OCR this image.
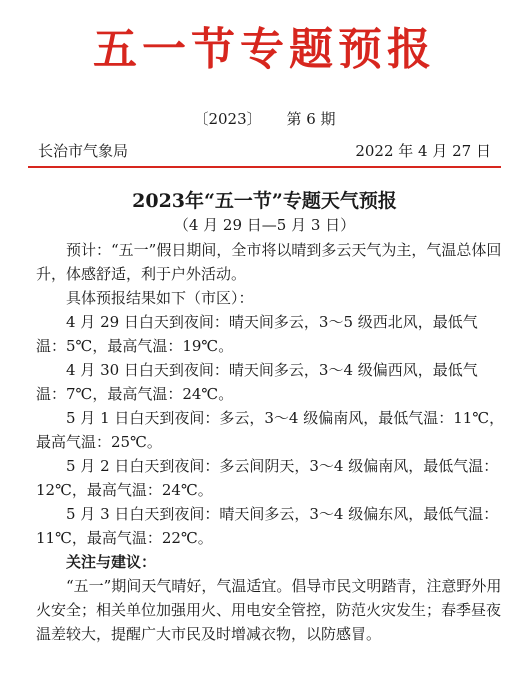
五一节专题预报
〔2023〕 第 6 期
长治市气象局	2022 年 4 月 27 日
2023年“五一节”专题天气预报
（4 月 29 日—5 月 3 日）

预计：“五一”假日期间，全市将以晴到多云天气为主，气温总体回升，体感舒适，利于户外活动。

具体预报结果如下（市区）：

4 月 29 日白天到夜间：晴天间多云，3～5 级西北风，最低气温：5℃，最高气温：19℃。

4 月 30 日白天到夜间：晴天间多云，3～4 级偏西风，最低气温：7℃，最高气温：24℃。

5 月 1 日白天到夜间：多云，3～4 级偏南风，最低气温：11℃，最高气温：25℃。

5 月 2 日白天到夜间：多云间阴天，3～4 级偏南风，最低气温：12℃，最高气温：24℃。

5 月 3 日白天到夜间：晴天间多云，3～4 级偏东风，最低气温：11℃，最高气温：22℃。

关注与建议：

“五一”期间天气晴好，气温适宜。倡导市民文明踏青，注意野外用火安全；相关单位加强用火、用电安全管控，防范火灾发生；春季昼夜温差较大，提醒广大市民及时增减衣物，以防感冒。
